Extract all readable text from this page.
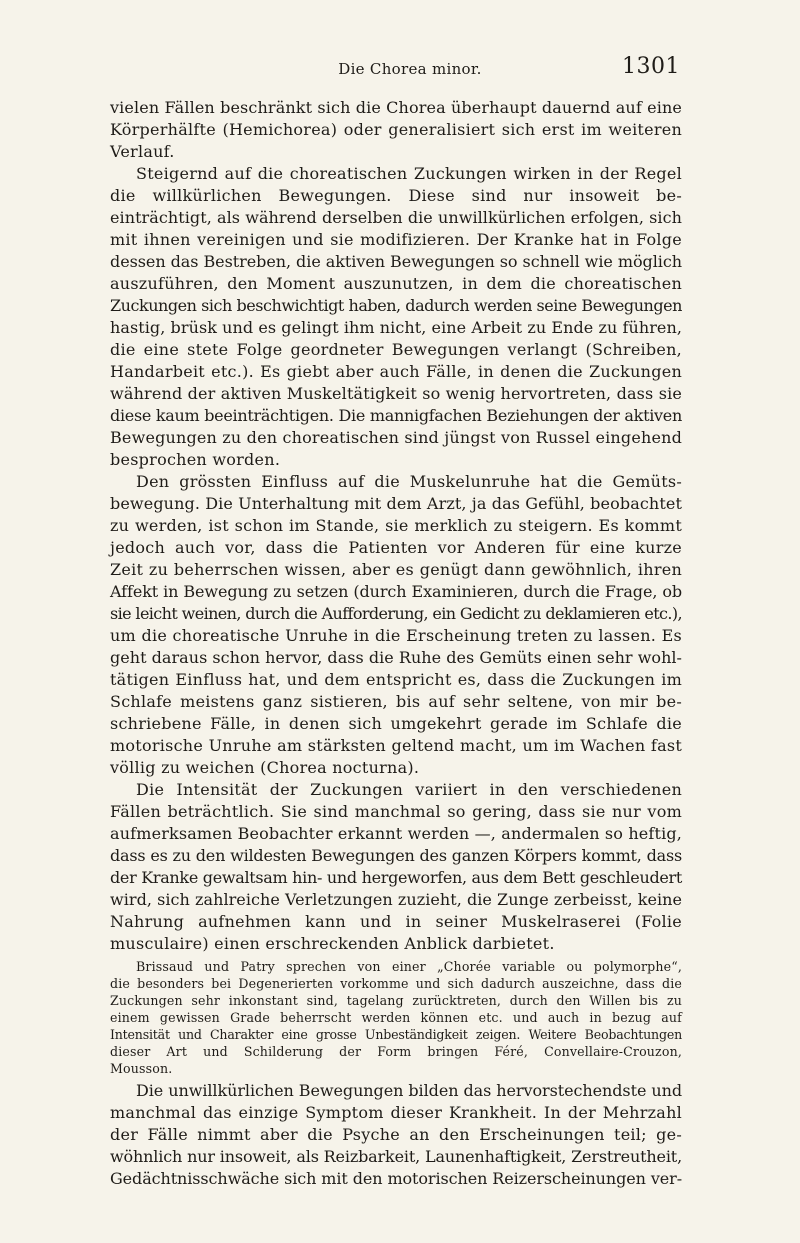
Die Chorea minor.	1301
vielen Fällen beschränkt sich die Chorea überhaupt dauernd auf eine
Körperhälfte (Hemichorea) oder generalisiert sich erst im weiteren
Verlauf.
Steigernd auf die choreatischen Zuckungen wirken in der Regel
die willkürlichen Bewegungen. Diese sind nur insoweit be-
einträchtigt, als während derselben die unwillkürlichen erfolgen, sich
mit ihnen vereinigen und sie modifizieren. Der Kranke hat in Folge
dessen das Bestreben, die aktiven Bewegungen so schnell wie möglich
auszuführen, den Moment auszunutzen, in dem die choreatischen
Zuckungen sich beschwichtigt haben, dadurch werden seine Bewegungen
hastig, brüsk und es gelingt ihm nicht, eine Arbeit zu Ende zu führen,
die eine stete Folge geordneter Bewegungen verlangt (Schreiben,
Handarbeit etc.). Es giebt aber auch Fälle, in denen die Zuckungen
während der aktiven Muskeltätigkeit so wenig hervortreten, dass sie
diese kaum beeinträchtigen. Die mannigfachen Beziehungen der aktiven
Bewegungen zu den choreatischen sind jüngst von Russel eingehend
besprochen worden.
Den grössten Einfluss auf die Muskelunruhe hat die Gemüts-
bewegung. Die Unterhaltung mit dem Arzt, ja das Gefühl, beobachtet
zu werden, ist schon im Stande, sie merklich zu steigern. Es kommt
jedoch auch vor, dass die Patienten vor Anderen für eine kurze
Zeit zu beherrschen wissen, aber es genügt dann gewöhnlich, ihren
Affekt in Bewegung zu setzen (durch Examinieren, durch die Frage, ob
sie leicht weinen, durch die Aufforderung, ein Gedicht zu deklamieren etc.),
um die choreatische Unruhe in die Erscheinung treten zu lassen. Es
geht daraus schon hervor, dass die Ruhe des Gemüts einen sehr wohl-
tätigen Einfluss hat, und dem entspricht es, dass die Zuckungen im
Schlafe meistens ganz sistieren, bis auf sehr seltene, von mir be-
schriebene Fälle, in denen sich umgekehrt gerade im Schlafe die
motorische Unruhe am stärksten geltend macht, um im Wachen fast
völlig zu weichen (Chorea nocturna).
Die Intensität der Zuckungen variiert in den verschiedenen
Fällen beträchtlich. Sie sind manchmal so gering, dass sie nur vom
aufmerksamen Beobachter erkannt werden —, andermalen so heftig,
dass es zu den wildesten Bewegungen des ganzen Körpers kommt, dass
der Kranke gewaltsam hin- und hergeworfen, aus dem Bett geschleudert
wird, sich zahlreiche Verletzungen zuzieht, die Zunge zerbeisst, keine
Nahrung aufnehmen kann und in seiner Muskelraserei (Folie
musculaire) einen erschreckenden Anblick darbietet.
Brissaud und Patry sprechen von einer „Chorée variable ou polymorphe“,
die besonders bei Degenerierten vorkomme und sich dadurch auszeichne, dass die
Zuckungen sehr inkonstant sind, tagelang zurücktreten, durch den Willen bis zu
einem gewissen Grade beherrscht werden können etc. und auch in bezug auf
Intensität und Charakter eine grosse Unbeständigkeit zeigen. Weitere Beobachtungen
dieser Art und Schilderung der Form bringen Féré, Convellaire-Crouzon,
Mousson.
Die unwillkürlichen Bewegungen bilden das hervorstechendste und
manchmal das einzige Symptom dieser Krankheit. In der Mehrzahl
der Fälle nimmt aber die Psyche an den Erscheinungen teil; ge-
wöhnlich nur insoweit, als Reizbarkeit, Launenhaftigkeit, Zerstreutheit,
Gedächtnisschwäche sich mit den motorischen Reizerscheinungen ver-
